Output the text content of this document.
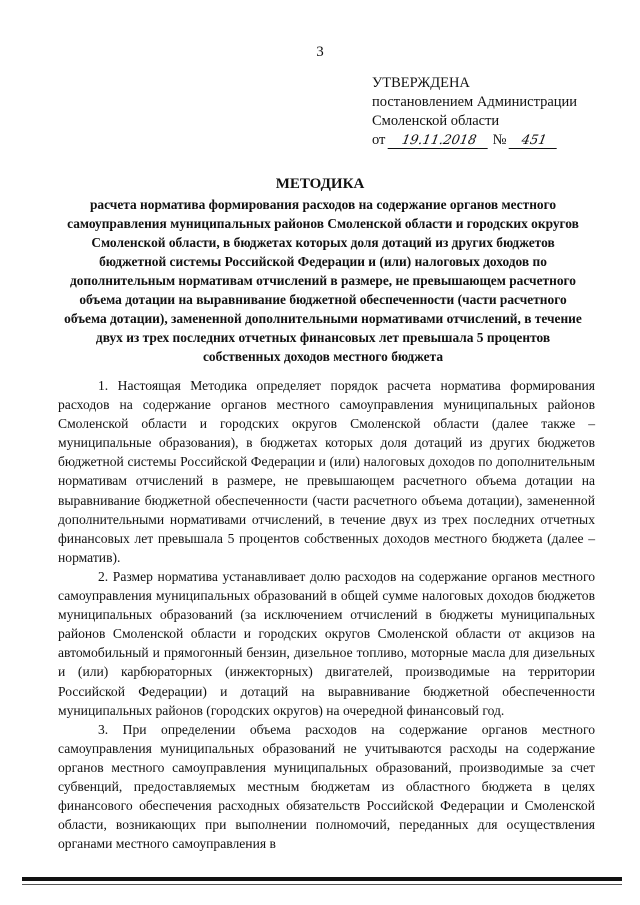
3
УТВЕРЖДЕНА
постановлением Администрации
Смоленской области
от 19.11.2018 № 451
МЕТОДИКА
расчета норматива формирования расходов на содержание органов местного самоуправления муниципальных районов Смоленской области и городских округов Смоленской области, в бюджетах которых доля дотаций из других бюджетов бюджетной системы Российской Федерации и (или) налоговых доходов по дополнительным нормативам отчислений в размере, не превышающем расчетного объема дотации на выравнивание бюджетной обеспеченности (части расчетного объема дотации), замененной дополнительными нормативами отчислений, в течение двух из трех последних отчетных финансовых лет превышала 5 процентов собственных доходов местного бюджета

1. Настоящая Методика определяет порядок расчета норматива формирования расходов на содержание органов местного самоуправления муниципальных районов Смоленской области и городских округов Смоленской области (далее также – муниципальные образования), в бюджетах которых доля дотаций из других бюджетов бюджетной системы Российской Федерации и (или) налоговых доходов по дополнительным нормативам отчислений в размере, не превышающем расчетного объема дотации на выравнивание бюджетной обеспеченности (части расчетного объема дотации), замененной дополнительными нормативами отчислений, в течение двух из трех последних отчетных финансовых лет превышала 5 процентов собственных доходов местного бюджета (далее – норматив).

2. Размер норматива устанавливает долю расходов на содержание органов местного самоуправления муниципальных образований в общей сумме налоговых доходов бюджетов муниципальных образований (за исключением отчислений в бюджеты муниципальных районов Смоленской области и городских округов Смоленской области от акцизов на автомобильный и прямогонный бензин, дизельное топливо, моторные масла для дизельных и (или) карбюраторных (инжекторных) двигателей, производимые на территории Российской Федерации) и дотаций на выравнивание бюджетной обеспеченности муниципальных районов (городских округов) на очередной финансовый год.

3. При определении объема расходов на содержание органов местного самоуправления муниципальных образований не учитываются расходы на содержание органов местного самоуправления муниципальных образований, производимые за счет субвенций, предоставляемых местным бюджетам из областного бюджета в целях финансового обеспечения расходных обязательств Российской Федерации и Смоленской области, возникающих при выполнении полномочий, переданных для осуществления органами местного самоуправления в
